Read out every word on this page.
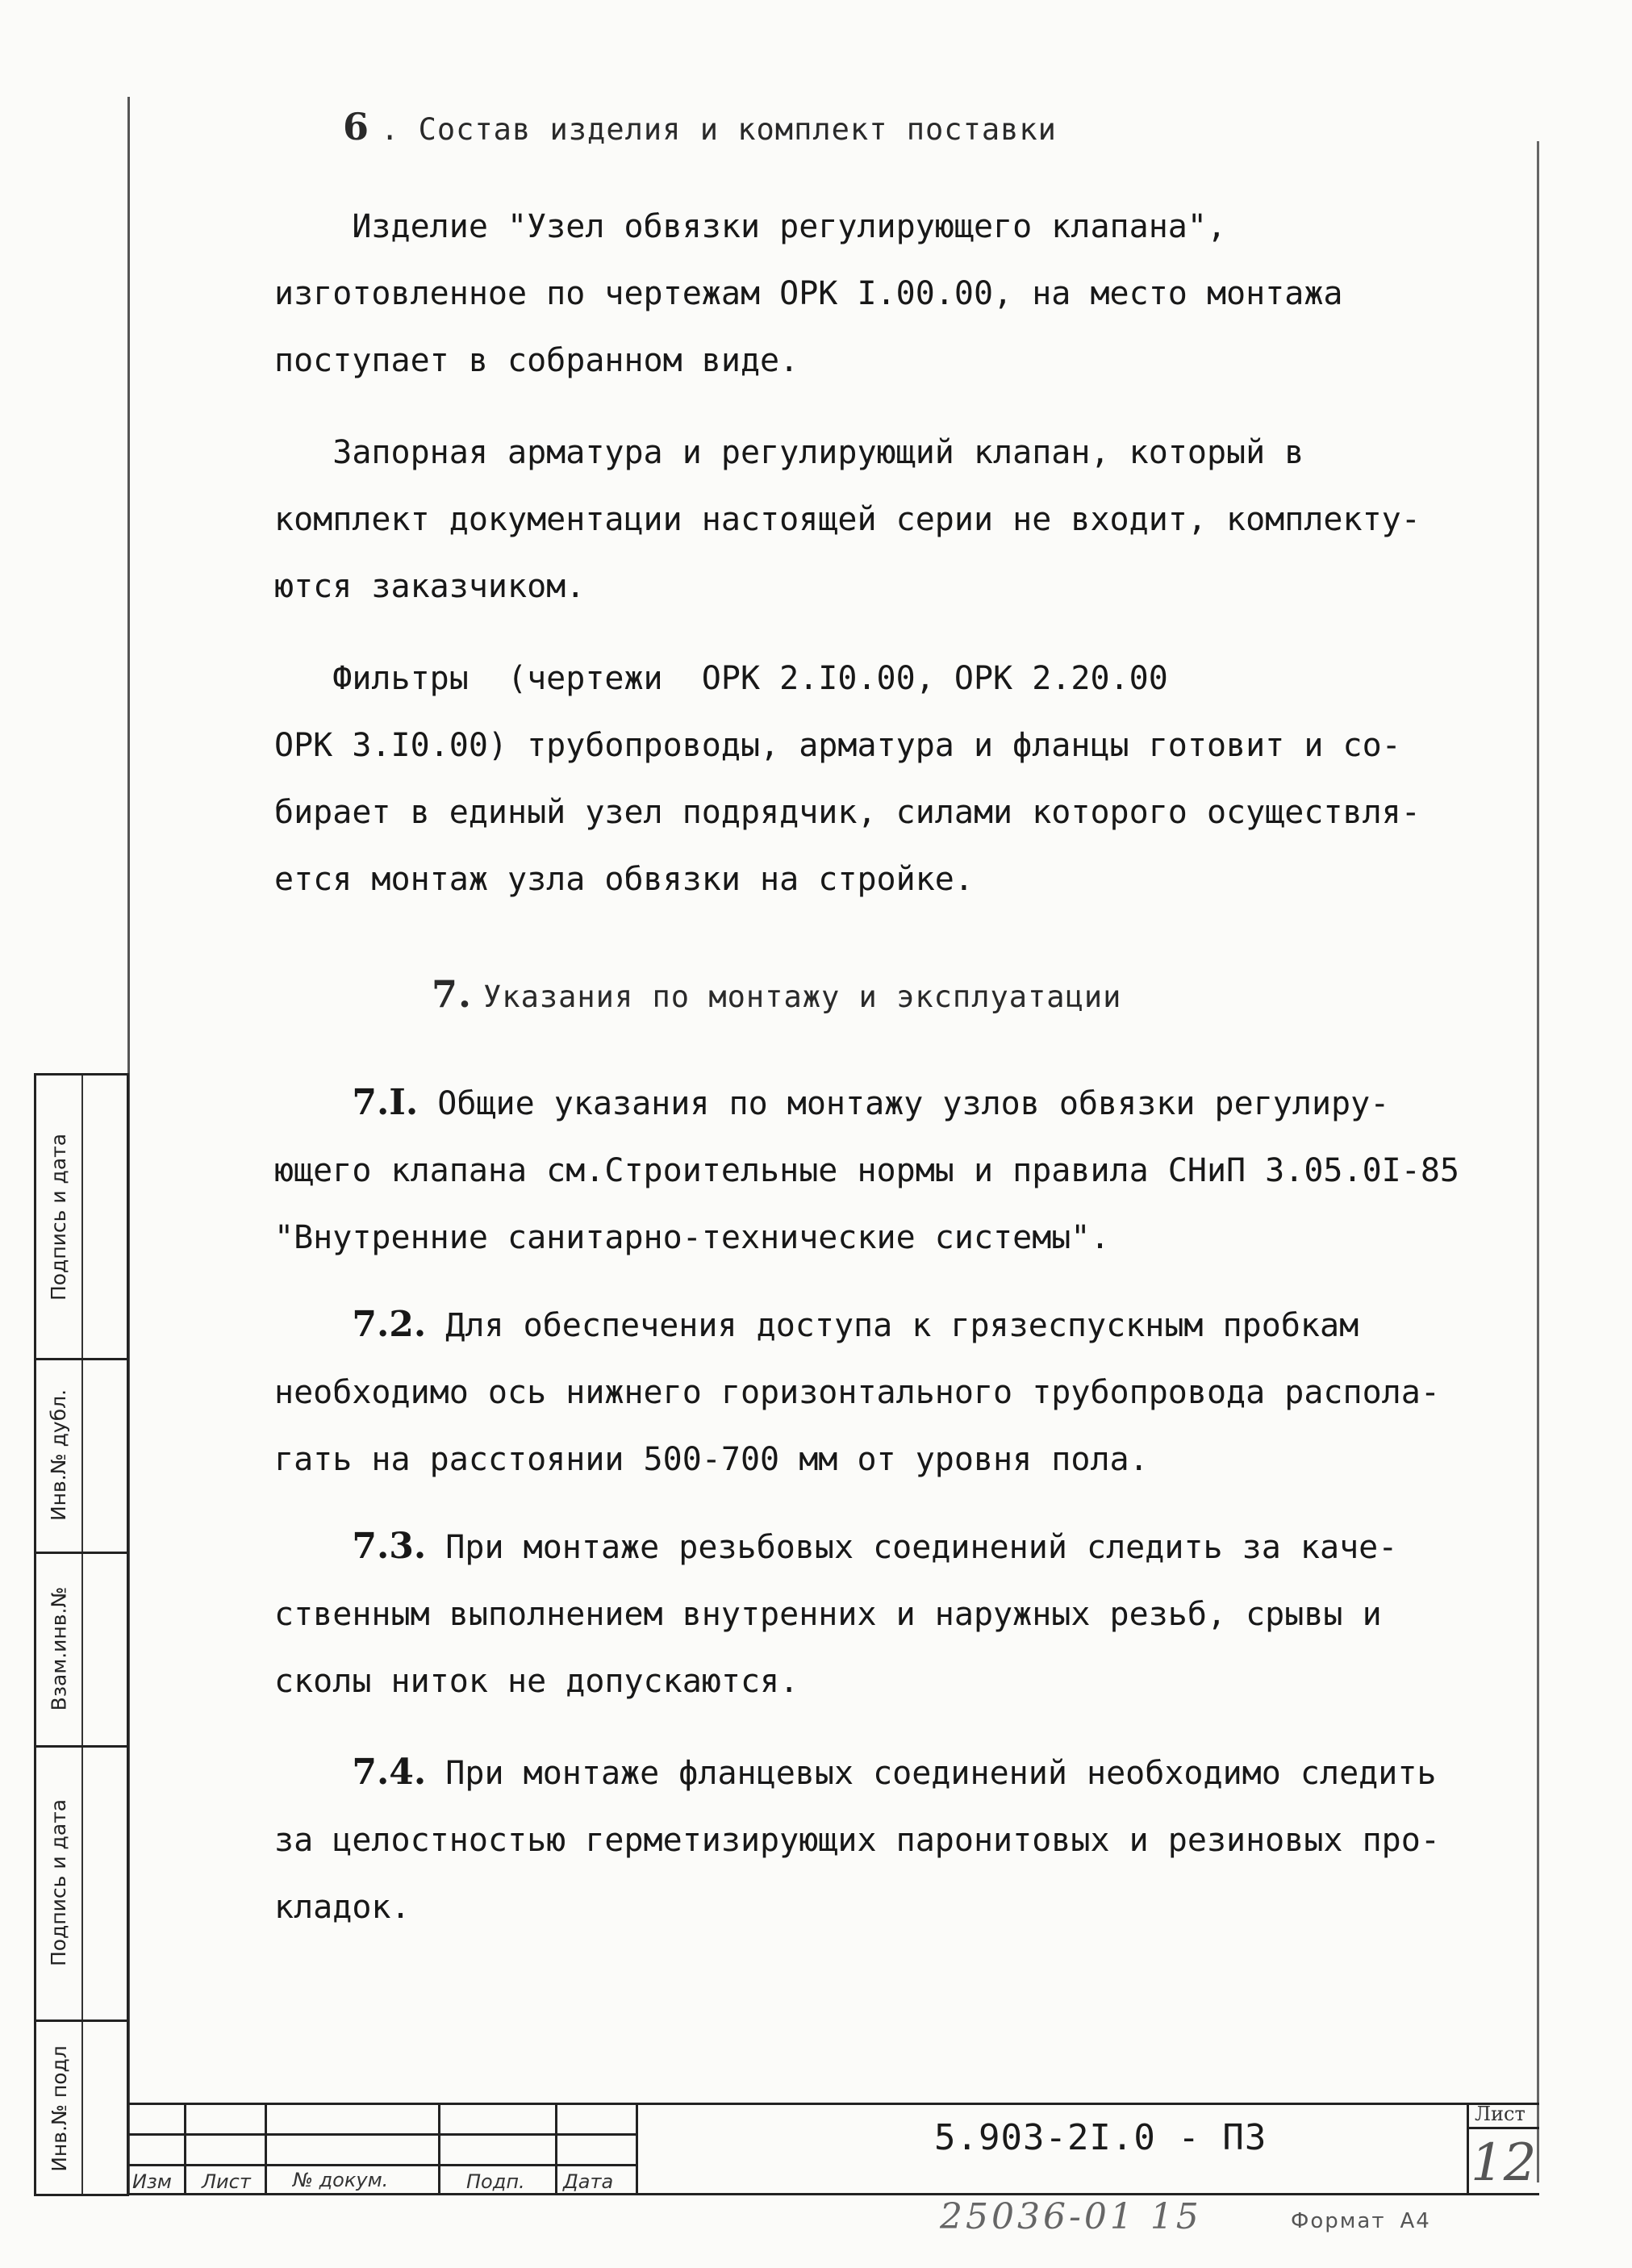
6 . Состав изделия и комплект поставки
Изделие "Узел обвязки регулирующего клапана",
изготовленное по чертежам ОРК I.00.00, на место монтажа
поступает в собранном виде.
Запорная арматура и регулирующий клапан, который в
комплект документации настоящей серии не входит, комплекту-
ются заказчиком.
Фильтры  (чертежи  ОРК 2.I0.00, ОРК 2.20.00
ОРК 3.I0.00) трубопроводы, арматура и фланцы готовит и со-
бирает в единый узел подрядчик, силами которого осуществля-
ется монтаж узла обвязки на стройке.
7. Указания по монтажу и эксплуатации
7.I. Общие указания по монтажу узлов обвязки регулиру-
ющего клапана см.Строительные нормы и правила СНиП 3.05.0I-85
"Внутренние санитарно-технические системы".
7.2. Для обеспечения доступа к грязеспускным пробкам
необходимо ось нижнего горизонтального трубопровода распола-
гать на расстоянии 500-700 мм от уровня пола.
7.3. При монтаже резьбовых соединений следить за каче-
ственным выполнением внутренних и наружных резьб, срывы и
сколы ниток не допускаются.
7.4. При монтаже фланцевых соединений необходимо следить
за целостностью герметизирующих паронитовых и резиновых про-
кладок.
Подпись и дата
Инв.№ дубл.
Взам.инв.№
Подпись и дата
Инв.№ подл
Изм Лист № докум.	Подп. Дата
5.903-2I.0 - ПЗ
Лист
12
25036-01 15	Формат А4
